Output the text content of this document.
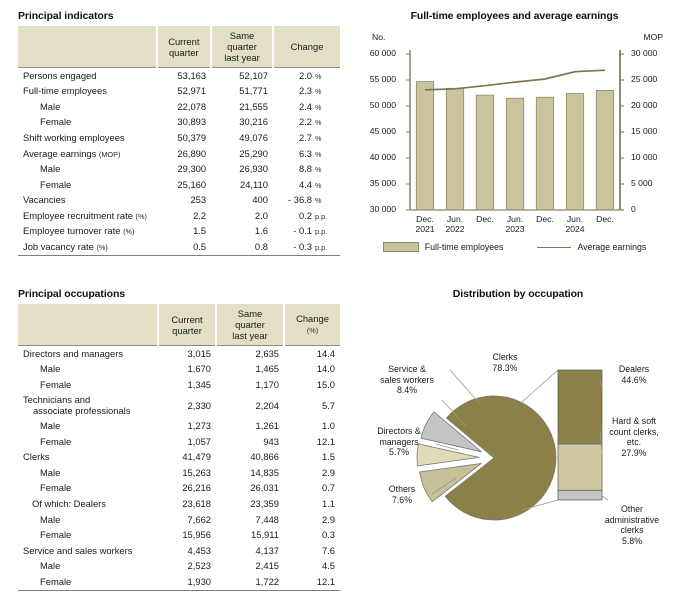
Principal indicators
	Current
quarter	Same quarter
last year	Change
Persons engaged	53,163	52,107	2.0 %
Full-time employees	52,971	51,771	2.3 %
Male	22,078	21,555	2.4 %
Female	30,893	30,216	2.2 %
Shift working employees	50,379	49,076	2.7 %
Average earnings (MOP)	26,890	25,290	6.3 %
Male	29,300	26,930	8.8 %
Female	25,160	24,110	4.4 %
Vacancies	253	400	- 36.8 %
Employee recruitment rate (%)	2.2	2.0	0.2 p.p.
Employee turnover rate (%)	1.5	1.6	- 0.1 p.p.
Job vacancy rate (%)	0.5	0.8	- 0.3 p.p.
Full-time employees and average earnings
No.	MOP
60 000
55 000
50 000
45 000
40 000
35 000
30 000
30 000
25 000
20 000
15 000
10 000
5 000
0
Dec.
2021
Jun.
2022
Dec.	Jun.
2023
Dec.	Jun.
2024
Dec.
Full-time employees	Average earnings
Principal occupations
	Current
quarter	Same quarter
last year	Change
(%)
Directors and managers	3,015	2,635	14.4
Male	1,670	1,465	14.0
Female	1,345	1,170	15.0

Technicians and
associate professionals	2,330	2,204	5.7
Male	1,273	1,261	1.0
Female	1,057	943	12.1
Clerks	41,479	40,866	1.5
Male	15,263	14,835	2.9
Female	26,216	26,031	0.7
Of which: Dealers	23,618	23,359	1.1
Male	7,662	7,448	2.9
Female	15,956	15,911	0.3
Service and sales workers	4,453	4,137	7.6
Male	2,523	2,415	4.5
Female	1,930	1,722	12.1
Distribution by occupation
Clerks
78.3%
Service &
sales workers
8.4%
Directors &
managers
5.7%
Others
7.6%
Dealers
44.6%
Hard & soft
count clerks,
etc.
27.9%
Other
administrative
clerks
5.8%
